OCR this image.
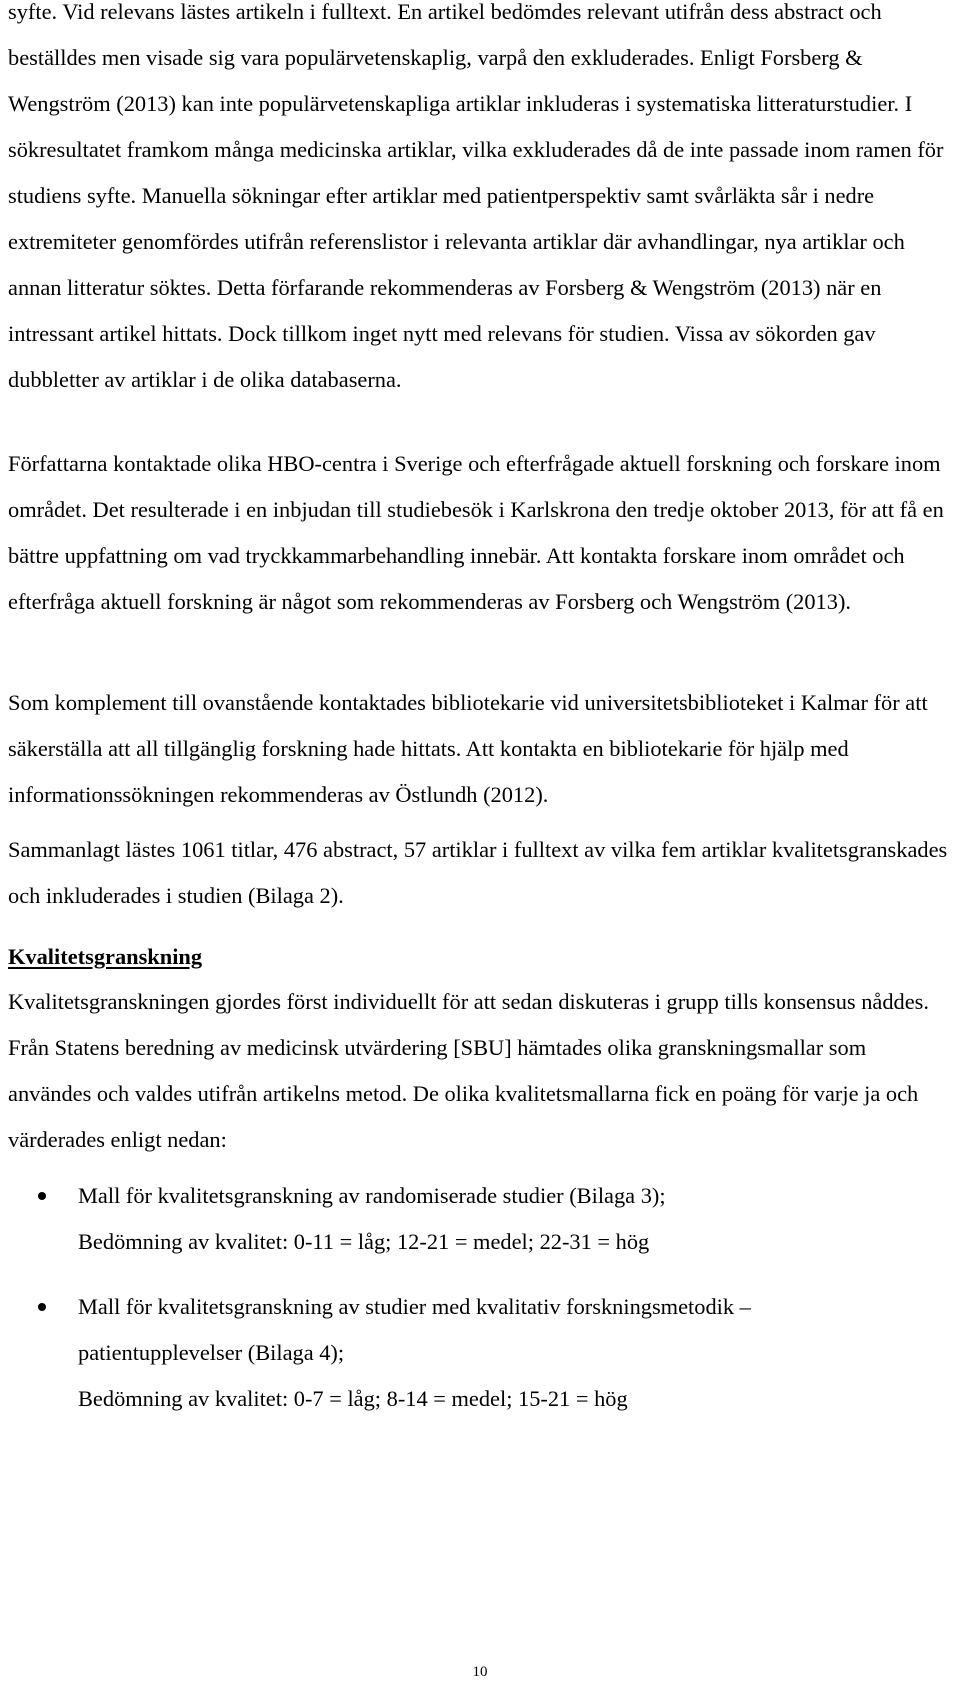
syfte. Vid relevans lästes artikeln i fulltext. En artikel bedömdes relevant utifrån dess abstract och beställdes men visade sig vara populärvetenskaplig, varpå den exkluderades. Enligt Forsberg & Wengström (2013) kan inte populärvetenskapliga artiklar inkluderas i systematiska litteraturstudier. I sökresultatet framkom många medicinska artiklar, vilka exkluderades då de inte passade inom ramen för studiens syfte. Manuella sökningar efter artiklar med patientperspektiv samt svårläkta sår i nedre extremiteter genomfördes utifrån referenslistor i relevanta artiklar där avhandlingar, nya artiklar och annan litteratur söktes. Detta förfarande rekommenderas av Forsberg & Wengström (2013) när en intressant artikel hittats. Dock tillkom inget nytt med relevans för studien. Vissa av sökorden gav dubbletter av artiklar i de olika databaserna.

Författarna kontaktade olika HBO-centra i Sverige och efterfrågade aktuell forskning och forskare inom området. Det resulterade i en inbjudan till studiebesök i Karlskrona den tredje oktober 2013, för att få en bättre uppfattning om vad tryckkammarbehandling innebär. Att kontakta forskare inom området och efterfråga aktuell forskning är något som rekommenderas av Forsberg och Wengström (2013).

Som komplement till ovanstående kontaktades bibliotekarie vid universitetsbiblioteket i Kalmar för att säkerställa att all tillgänglig forskning hade hittats. Att kontakta en bibliotekarie för hjälp med informationssökningen rekommenderas av Östlundh (2012).

Sammanlagt lästes 1061 titlar, 476 abstract, 57 artiklar i fulltext av vilka fem artiklar kvalitetsgranskades och inkluderades i studien (Bilaga 2).

Kvalitetsgranskning

Kvalitetsgranskningen gjordes först individuellt för att sedan diskuteras i grupp tills konsensus nåddes. Från Statens beredning av medicinsk utvärdering [SBU] hämtades olika granskningsmallar som användes och valdes utifrån artikelns metod. De olika kvalitetsmallarna fick en poäng för varje ja och värderades enligt nedan:

Mall för kvalitetsgranskning av randomiserade studier (Bilaga 3);
Bedömning av kvalitet: 0-11 = låg; 12-21 = medel; 22-31 = hög

Mall för kvalitetsgranskning av studier med kvalitativ forskningsmetodik –
patientupplevelser (Bilaga 4);
Bedömning av kvalitet: 0-7 = låg; 8-14 = medel; 15-21 = hög

10
